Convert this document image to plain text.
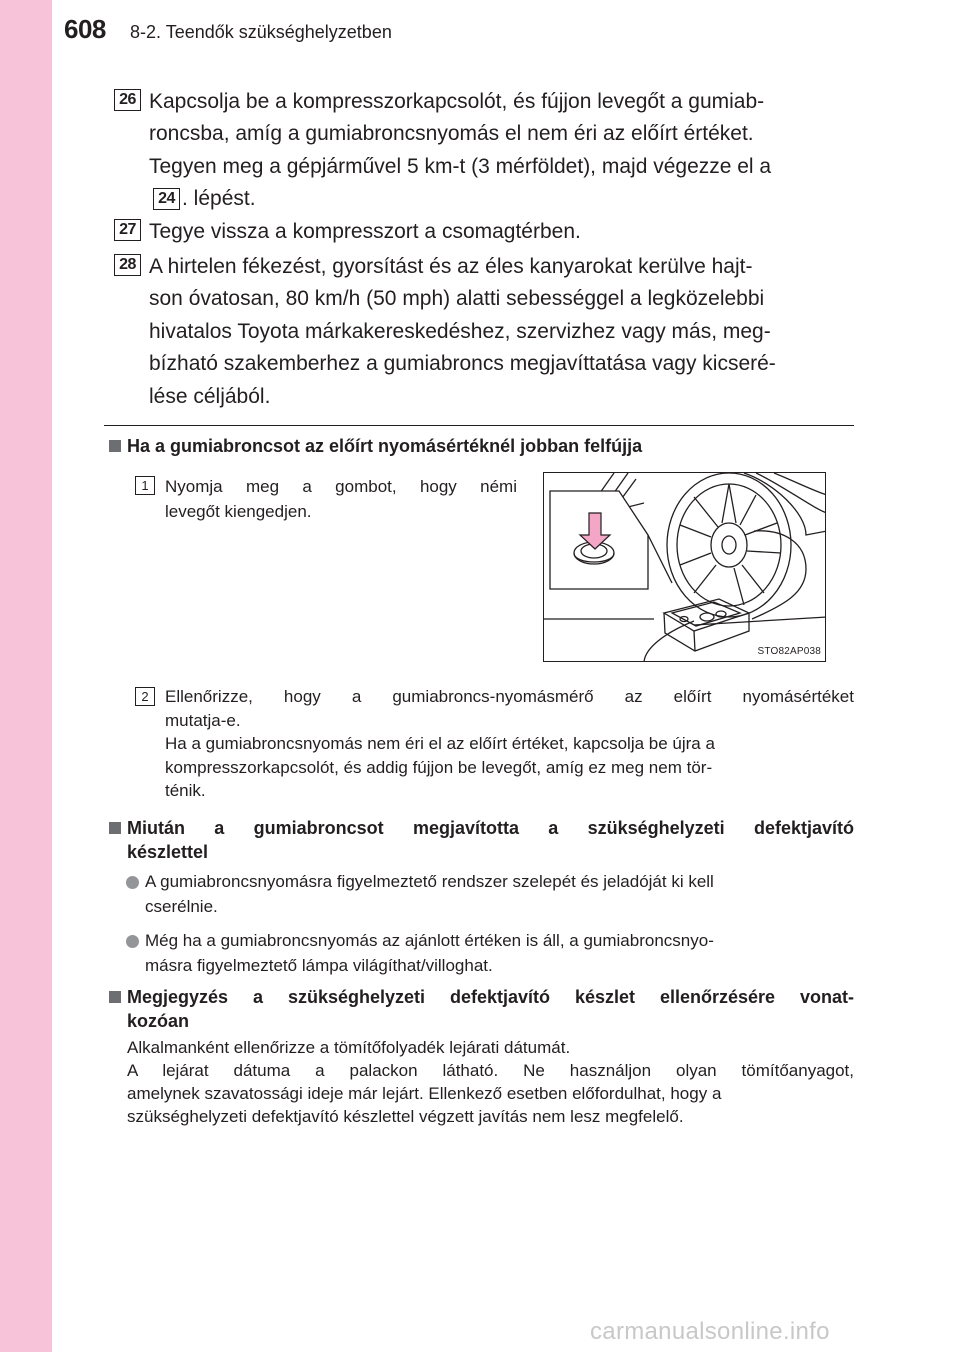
608 8-2. Teendők szükséghelyzetben
26 Kapcsolja be a kompresszorkapcsolót, és fújjon levegőt a gumiab-
roncsba, amíg a gumiabroncsnyomás el nem éri az előírt értéket.
Tegyen meg a gépjárművel 5 km-t (3 mérföldet), majd végezze el a
24 . lépést.
27 Tegye vissza a kompresszort a csomagtérben.
28 A hirtelen fékezést, gyorsítást és az éles kanyarokat kerülve hajt-
son óvatosan, 80 km/h (50 mph) alatti sebességgel a legközelebbi
hivatalos Toyota márkakereskedéshez, szervizhez vagy más, meg-
bízható szakemberhez a gumiabroncs megjavíttatása vagy kicseré-
lése céljából.
Ha a gumiabroncsot az előírt nyomásértéknél jobban felfújja
1 Nyomja meg a gombot, hogy némi
levegőt kiengedjen.
STO82AP038
2 Ellenőrizze, hogy a gumiabroncs-nyomásmérő az előírt nyomásértéket
mutatja-e.
Ha a gumiabroncsnyomás nem éri el az előírt értéket, kapcsolja be újra a
kompresszorkapcsolót, és addig fújjon be levegőt, amíg ez meg nem tör-
ténik.
Miután a gumiabroncsot megjavította a szükséghelyzeti defektjavító
készlettel
A gumiabroncsnyomásra figyelmeztető rendszer szelepét és jeladóját ki kell
cserélnie.
Még ha a gumiabroncsnyomás az ajánlott értéken is áll, a gumiabroncsnyo-
másra figyelmeztető lámpa világíthat/villoghat.
Megjegyzés a szükséghelyzeti defektjavító készlet ellenőrzésére vonat-
kozóan
Alkalmanként ellenőrizze a tömítőfolyadék lejárati dátumát.
A lejárat dátuma a palackon látható. Ne használjon olyan tömítőanyagot,
amelynek szavatossági ideje már lejárt. Ellenkező esetben előfordulhat, hogy a
szükséghelyzeti defektjavító készlettel végzett javítás nem lesz megfelelő.
carmanualsonline.info
